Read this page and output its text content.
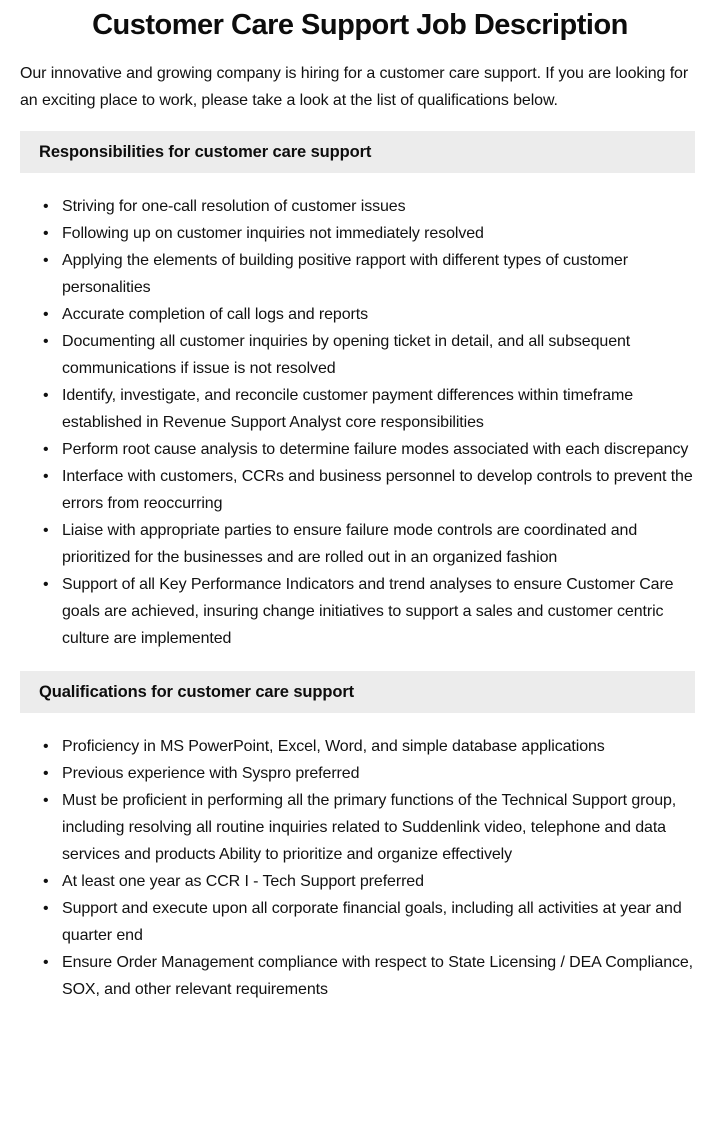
Customer Care Support Job Description

Our innovative and growing company is hiring for a customer care support. If you are looking for an exciting place to work, please take a look at the list of qualifications below.

Responsibilities for customer care support
• Striving for one-call resolution of customer issues
• Following up on customer inquiries not immediately resolved
• Applying the elements of building positive rapport with different types of customer personalities
• Accurate completion of call logs and reports
• Documenting all customer inquiries by opening ticket in detail, and all subsequent communications if issue is not resolved
• Identify, investigate, and reconcile customer payment differences within timeframe established in Revenue Support Analyst core responsibilities
• Perform root cause analysis to determine failure modes associated with each discrepancy
• Interface with customers, CCRs and business personnel to develop controls to prevent the errors from reoccurring
• Liaise with appropriate parties to ensure failure mode controls are coordinated and prioritized for the businesses and are rolled out in an organized fashion
• Support of all Key Performance Indicators and trend analyses to ensure Customer Care goals are achieved, insuring change initiatives to support a sales and customer centric culture are implemented
Qualifications for customer care support
• Proficiency in MS PowerPoint, Excel, Word, and simple database applications
• Previous experience with Syspro preferred
• Must be proficient in performing all the primary functions of the Technical Support group, including resolving all routine inquiries related to Suddenlink video, telephone and data services and products Ability to prioritize and organize effectively
• At least one year as CCR I - Tech Support preferred
• Support and execute upon all corporate financial goals, including all activities at year and quarter end
• Ensure Order Management compliance with respect to State Licensing / DEA Compliance, SOX, and other relevant requirements
